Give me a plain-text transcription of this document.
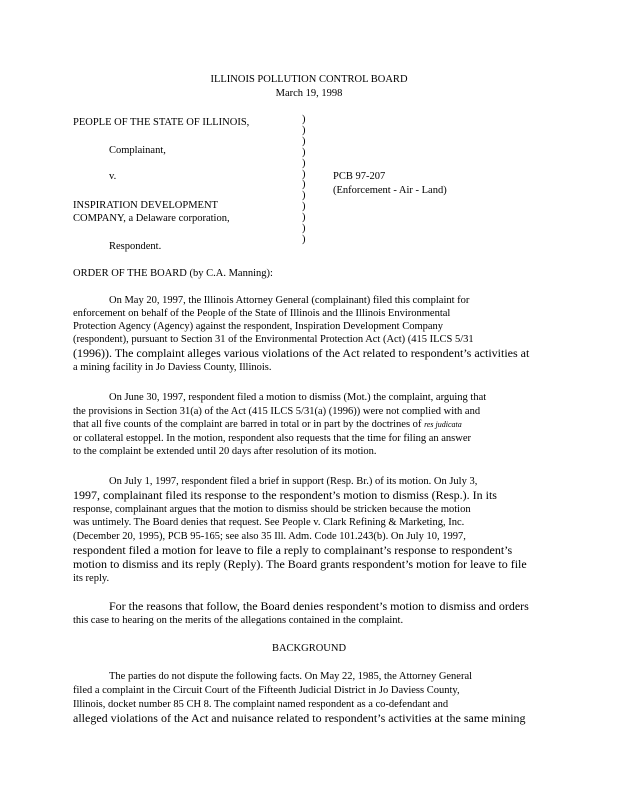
ILLINOIS POLLUTION CONTROL BOARD
March 19, 1998
PEOPLE OF THE STATE OF ILLINOIS,
Complainant,
v.
INSPIRATION DEVELOPMENT
COMPANY, a Delaware corporation,
Respondent.
)
)
)
)
)
)
)
)
)
)
)
)
PCB 97-207
(Enforcement - Air - Land)
ORDER OF THE BOARD (by C.A. Manning):
On May 20, 1997, the Illinois Attorney General (complainant) filed this complaint for
enforcement on behalf of the People of the State of Illinois and the Illinois Environmental
Protection Agency (Agency) against the respondent, Inspiration Development Company
(respondent), pursuant to Section 31 of the Environmental Protection Act (Act) (415 ILCS 5/31
(1996)). The complaint alleges various violations of the Act related to respondent’s activities at
a mining facility in Jo Daviess County, Illinois.
On June 30, 1997, respondent filed a motion to dismiss (Mot.) the complaint, arguing that
the provisions in Section 31(a) of the Act (415 ILCS 5/31(a) (1996)) were not complied with and
that all five counts of the complaint are barred in total or in part by the doctrines of res judicata
or collateral estoppel. In the motion, respondent also requests that the time for filing an answer
to the complaint be extended until 20 days after resolution of its motion.
On July 1, 1997, respondent filed a brief in support (Resp. Br.) of its motion. On July 3,
1997, complainant filed its response to the respondent’s motion to dismiss (Resp.). In its
response, complainant argues that the motion to dismiss should be stricken because the motion
was untimely. The Board denies that request. See People v. Clark Refining & Marketing, Inc.
(December 20, 1995), PCB 95-165; see also 35 Ill. Adm. Code 101.243(b). On July 10, 1997,
respondent filed a motion for leave to file a reply to complainant’s response to respondent’s
motion to dismiss and its reply (Reply). The Board grants respondent’s motion for leave to file
its reply.
For the reasons that follow, the Board denies respondent’s motion to dismiss and orders
this case to hearing on the merits of the allegations contained in the complaint.
BACKGROUND
The parties do not dispute the following facts. On May 22, 1985, the Attorney General
filed a complaint in the Circuit Court of the Fifteenth Judicial District in Jo Daviess County,
Illinois, docket number 85 CH 8. The complaint named respondent as a co-defendant and
alleged violations of the Act and nuisance related to respondent’s activities at the same mining
